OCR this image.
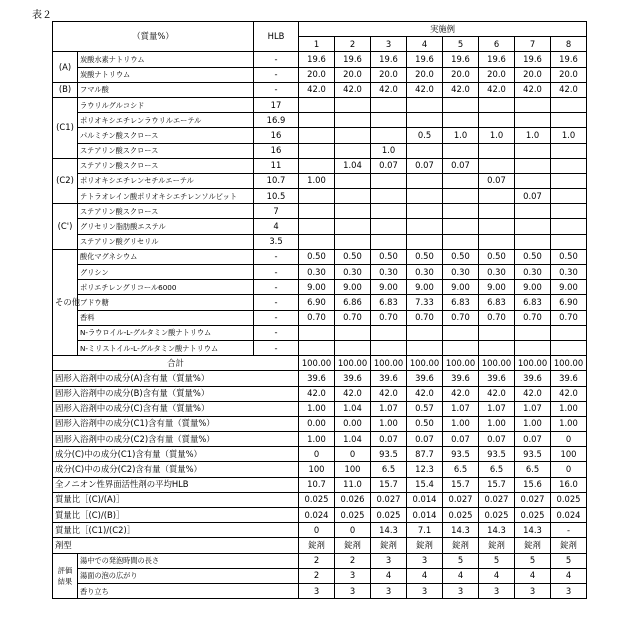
表２
（質量%）	HLB	実施例
1	2	3	4	5	6	7	8
(A)	炭酸水素ナトリウム	-	19.6	19.6	19.6	19.6	19.6	19.6	19.6	19.6
炭酸ナトリウム	-	20.0	20.0	20.0	20.0	20.0	20.0	20.0	20.0
(B)	フマル酸	-	42.0	42.0	42.0	42.0	42.0	42.0	42.0	42.0
(C1)	ラウリルグルコシド	17								
ポリオキシエチレンラウリルエーテル	16.9								
パルミチン酸スクロース	16				0.5	1.0	1.0	1.0	1.0
ステアリン酸スクロース	16			1.0					
(C2)	ステアリン酸スクロース	11		1.04	0.07	0.07	0.07			
ポリオキシエチレンセチルエーテル	10.7	1.00					0.07		
テトラオレイン酸ポリオキシエチレンソルビット	10.5							0.07	
(C')	ステアリン酸スクロース	7								
グリセリン脂肪酸エステル	4								
ステアリン酸グリセリル	3.5								
その他	酸化マグネシウム	-	0.50	0.50	0.50	0.50	0.50	0.50	0.50	0.50
グリシン	-	0.30	0.30	0.30	0.30	0.30	0.30	0.30	0.30
ポリエチレングリコール6000	-	9.00	9.00	9.00	9.00	9.00	9.00	9.00	9.00
ブドウ糖	-	6.90	6.86	6.83	7.33	6.83	6.83	6.83	6.90
香料	-	0.70	0.70	0.70	0.70	0.70	0.70	0.70	0.70
N-ラウロイル-L-グルタミン酸ナトリウム	-								
N-ミリストイル-L-グルタミン酸ナトリウム	-								
合計	100.00	100.00	100.00	100.00	100.00	100.00	100.00	100.00
固形入浴剤中の成分(A)含有量（質量%）	39.6	39.6	39.6	39.6	39.6	39.6	39.6	39.6
固形入浴剤中の成分(B)含有量（質量%）	42.0	42.0	42.0	42.0	42.0	42.0	42.0	42.0
固形入浴剤中の成分(C)含有量（質量%）	1.00	1.04	1.07	0.57	1.07	1.07	1.07	1.00
固形入浴剤中の成分(C1)含有量（質量%）	0.00	0.00	1.00	0.50	1.00	1.00	1.00	1.00
固形入浴剤中の成分(C2)含有量（質量%）	1.00	1.04	0.07	0.07	0.07	0.07	0.07	0
成分(C)中の成分(C1)含有量（質量%）	0	0	93.5	87.7	93.5	93.5	93.5	100
成分(C)中の成分(C2)含有量（質量%）	100	100	6.5	12.3	6.5	6.5	6.5	0
全ノニオン性界面活性剤の平均HLB	10.7	11.0	15.7	15.4	15.7	15.7	15.6	16.0
質量比［(C)/(A)］	0.025	0.026	0.027	0.014	0.027	0.027	0.027	0.025
質量比［(C)/(B)］	0.024	0.025	0.025	0.014	0.025	0.025	0.025	0.024
質量比［(C1)/(C2)］	0	0	14.3	7.1	14.3	14.3	14.3	-
剤型	錠剤	錠剤	錠剤	錠剤	錠剤	錠剤	錠剤	錠剤

評価
結果
	湯中での発泡時間の長さ	2	2	3	3	5	5	5	5
湯面の泡の広がり	2	3	4	4	4	4	4	4
香り立ち	3	3	3	3	3	3	3	3
